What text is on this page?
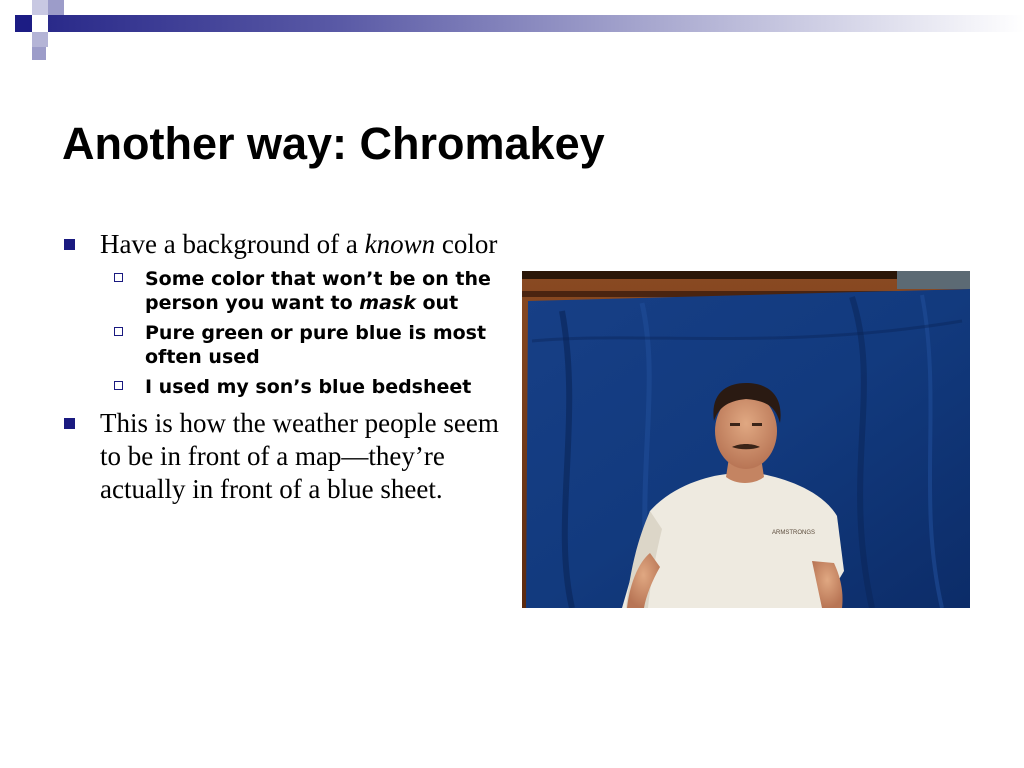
Another way: Chromakey
Have a background of a known color
Some color that won’t be on the person you want to mask out
Pure green or pure blue is most often used
I used my son’s blue bedsheet
This is how the weather people seem to be in front of a map—they’re actually in front of a blue sheet.
ARMSTRONGS
